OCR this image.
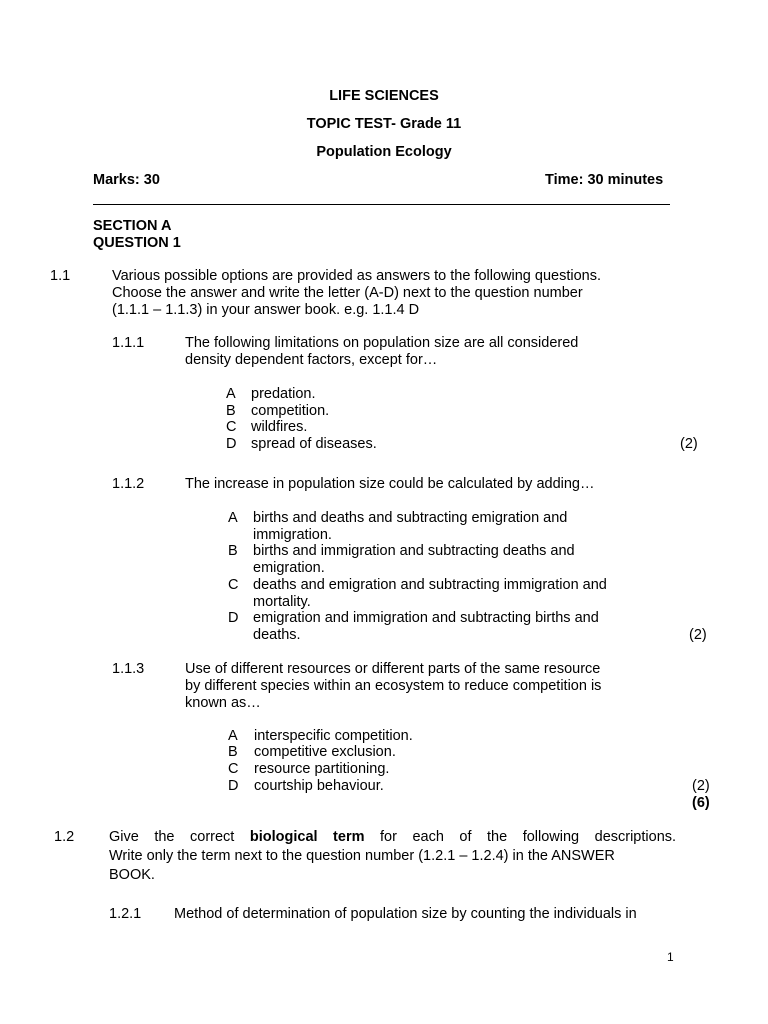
LIFE SCIENCES
TOPIC TEST- Grade 11
Population Ecology
Marks: 30	Time: 30 minutes
SECTION A
QUESTION 1
1.1	Various possible options are provided as answers to the following questions.
Choose the answer and write the letter (A-D) next to the question number
(1.1.1 – 1.1.3) in your answer book. e.g. 1.1.4 D
1.1.1	The following limitations on population size are all considered
density dependent factors, except for…
A predation.
B competition.
C wildfires.
D spread of diseases.	(2)
1.1.2	The increase in population size could be calculated by adding…
A births and deaths and subtracting emigration and
immigration.
B births and immigration and subtracting deaths and
emigration.
C deaths and emigration and subtracting immigration and
mortality.
D emigration and immigration and subtracting births and
deaths.	(2)
1.1.3	Use of different resources or different parts of the same resource
by different species within an ecosystem to reduce competition is
known as…
A interspecific competition.
B competitive exclusion.
C resource partitioning.
D courtship behaviour.	(2)
(6)
1.2 Give the correct biological term for each of the following descriptions.
Write only the term next to the question number (1.2.1 – 1.2.4) in the ANSWER
BOOK.
1.2.1 Method of determination of population size by counting the individuals in
1
